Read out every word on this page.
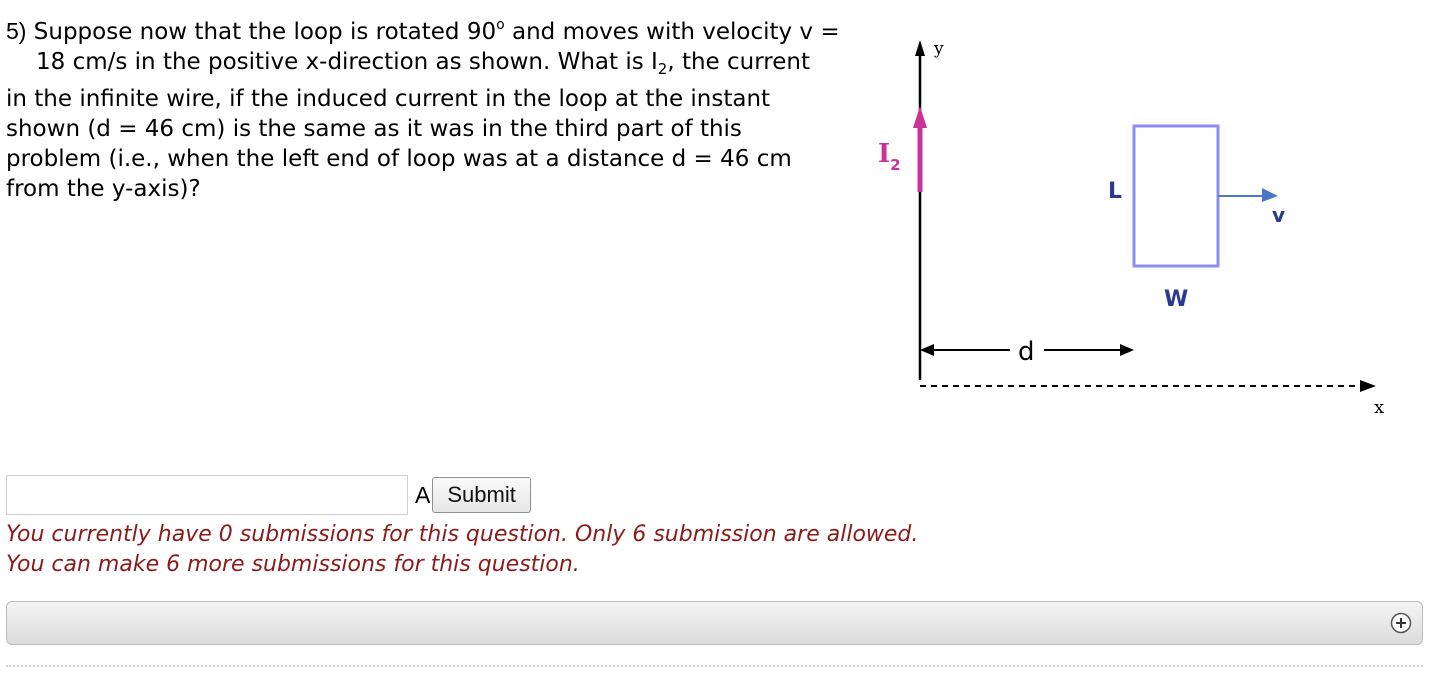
5) Suppose now that the loop is rotated 90$^o$ and moves with velocity v =
18 cm/s in the positive x-direction as shown. What is $I_2$, the current
in the infinite wire, if the induced current in the loop at the instant
shown (d = 46 cm) is the same as it was in the third part of this
problem (i.e., when the left end of loop was at a distance d = 46 cm
from the y-axis)?
y
$I_2$
L
W
v
d
x
A Submit
You currently have 0 submissions for this question. Only 6 submission are allowed.
You can make 6 more submissions for this question.
